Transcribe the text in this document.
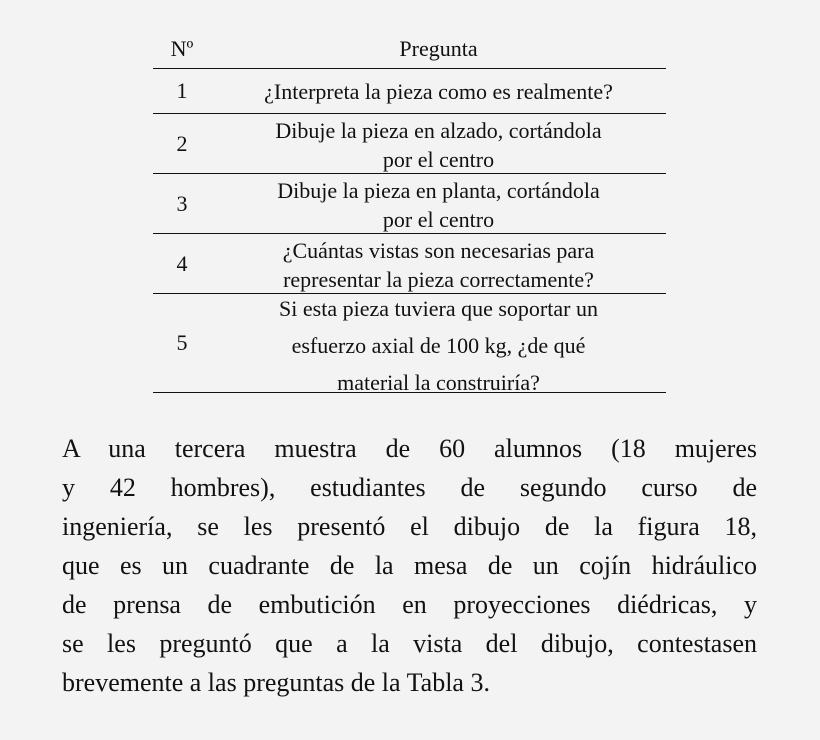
Nº	Pregunta
1	¿Interpreta la pieza como es realmente?

2	Dibuje la pieza en alzado, cortándola
por el centro

3	Dibuje la pieza en planta, cortándola
por el centro

4	¿Cuántas vistas son necesarias para
representar la pieza correctamente?

5	Si esta pieza tuviera que soportar un
esfuerzo axial de 100 kg, ¿de qué
material la construiría?
A una tercera muestra de 60 alumnos (18 mujeres
y 42 hombres), estudiantes de segundo curso de
ingeniería, se les presentó el dibujo de la figura 18,
que es un cuadrante de la mesa de un cojín hidráulico
de prensa de embutición en proyecciones diédricas, y
se les preguntó que a la vista del dibujo, contestasen
brevemente a las preguntas de la Tabla 3.
